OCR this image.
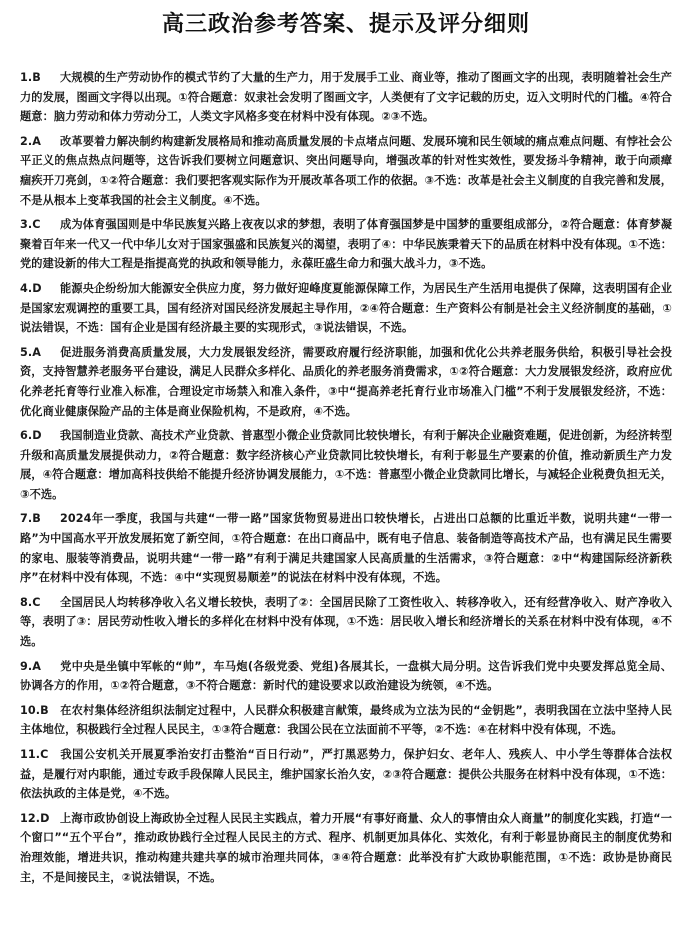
高三政治参考答案、提示及评分细则
1.B 大规模的生产劳动协作的模式节约了大量的生产力，用于发展手工业、商业等，推动了图画文字的出现，表明随着社会生产力的发展，图画文字得以出现。①符合题意：奴隶社会发明了图画文字，人类便有了文字记载的历史，迈入文明时代的门槛。④符合题意：脑力劳动和体力劳动分工，人类文字风格多变在材料中没有体现。②③不选。
2.A 改革要着力解决制约构建新发展格局和推动高质量发展的卡点堵点问题、发展环境和民生领域的痛点难点问题、有悖社会公平正义的焦点热点问题等，这告诉我们要树立问题意识、突出问题导向，增强改革的针对性实效性，要发扬斗争精神，敢于向顽瘴痼疾开刀亮剑，①②符合题意：我们要把客观实际作为开展改革各项工作的依据。③不选：改革是社会主义制度的自我完善和发展，不是从根本上变革我国的社会主义制度。④不选。
3.C 成为体育强国则是中华民族复兴路上夜夜以求的梦想，表明了体育强国梦是中国梦的重要组成部分，②符合题意：体育梦凝聚着百年来一代又一代中华儿女对于国家强盛和民族复兴的渴望，表明了④：中华民族秉着天下的品质在材料中没有体现。①不选：党的建设新的伟大工程是指提高党的执政和领导能力，永葆旺盛生命力和强大战斗力，③不选。
4.D 能源央企纷纷加大能源安全供应力度，努力做好迎峰度夏能源保障工作，为居民生产生活用电提供了保障，这表明国有企业是国家宏观调控的重要工具，国有经济对国民经济发展起主导作用，②④符合题意：生产资料公有制是社会主义经济制度的基础，①说法错误，不选：国有企业是国有经济最主要的实现形式，③说法错误，不选。
5.A 促进服务消费高质量发展，大力发展银发经济，需要政府履行经济职能，加强和优化公共养老服务供给，积极引导社会投资，支持智慧养老服务平台建设，满足人民群众多样化、品质化的养老服务消费需求，①②符合题意：大力发展银发经济，政府应优化养老托育等行业准入标准，合理设定市场禁入和准入条件，③中“提高养老托育行业市场准入门槛”不利于发展银发经济，不选：优化商业健康保险产品的主体是商业保险机构，不是政府，④不选。
6.D 我国制造业贷款、高技术产业贷款、普惠型小微企业贷款同比较快增长，有利于解决企业融资难题，促进创新，为经济转型升级和高质量发展提供动力，②符合题意：数字经济核心产业贷款同比较快增长，有利于彰显生产要素的价值，推动新质生产力发展，④符合题意：增加高科技供给不能提升经济协调发展能力，①不选：普惠型小微企业贷款同比增长，与减轻企业税费负担无关，③不选。
7.B 2024年一季度，我国与共建“一带一路”国家货物贸易进出口较快增长，占进出口总额的比重近半数，说明共建“一带一路”为中国高水平开放发展拓宽了新空间，①符合题意：在出口商品中，既有电子信息、装备制造等高技术产品，也有满足民生需要的家电、服装等消费品，说明共建“一带一路”有利于满足共建国家人民高质量的生活需求，③符合题意：②中“构建国际经济新秩序”在材料中没有体现，不选：④中“实现贸易顺差”的说法在材料中没有体现，不选。
8.C 全国居民人均转移净收入名义增长较快，表明了②：全国居民除了工资性收入、转移净收入，还有经营净收入、财产净收入等，表明了③：居民劳动性收入增长的多样化在材料中没有体现，①不选：居民收入增长和经济增长的关系在材料中没有体现，④不选。
9.A 党中央是坐镇中军帐的“帅”，车马炮(各级党委、党组)各展其长，一盘棋大局分明。这告诉我们党中央要发挥总览全局、协调各方的作用，①②符合题意，③不符合题意：新时代的建设要求以政治建设为统领，④不选。
10.B 在农村集体经济组织法制定过程中，人民群众积极建言献策，最终成为立法为民的“金钥匙”，表明我国在立法中坚持人民主体地位，积极践行全过程人民民主，①③符合题意：我国公民在立法面前不平等，②不选：④在材料中没有体现，不选。
11.C 我国公安机关开展夏季治安打击整治“百日行动”，严打黑恶势力，保护妇女、老年人、残疾人、中小学生等群体合法权益，是履行对内职能，通过专政手段保障人民民主，维护国家长治久安，②③符合题意：提供公共服务在材料中没有体现，①不选：依法执政的主体是党，④不选。
12.D 上海市政协创设上海政协全过程人民民主实践点，着力开展“有事好商量、众人的事情由众人商量”的制度化实践，打造“一个窗口”“五个平台”，推动政协践行全过程人民民主的方式、程序、机制更加具体化、实效化，有利于彰显协商民主的制度优势和治理效能，增进共识，推动构建共建共享的城市治理共同体，③④符合题意：此举没有扩大政协职能范围，①不选：政协是协商民主，不是间接民主，②说法错误，不选。
